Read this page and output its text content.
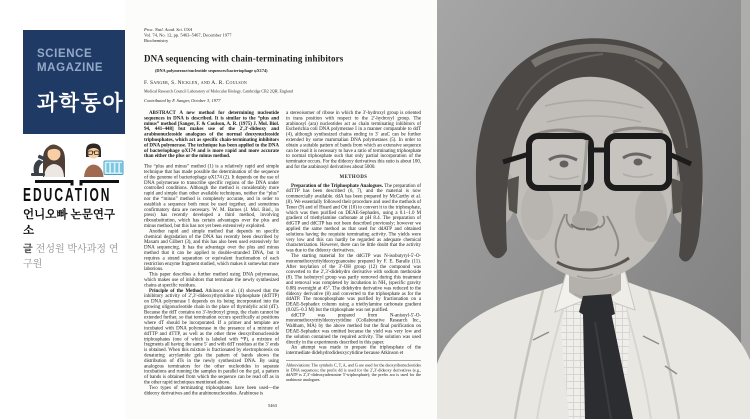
SCIENCE
MAGAZINE
과학동아
EDUCATION
언니오빠 논문연구소
글 전성원 박사과정 연구원
Proc. Natl. Acad. Sci. USA
Vol. 74, No. 12, pp. 5463–5467, December 1977
Biochemistry
DNA sequencing with chain-terminating inhibitors
(DNA polymerase/nucleotide sequences/bacteriophage φX174)
F. Sanger, S. Nicklen, and A. R. Coulson
Medical Research Council Laboratory of Molecular Biology, Cambridge CB2 2QH, England
Contributed by F. Sanger, October 3, 1977

ABSTRACT A new method for determining nucleotide sequences in DNA is described. It is similar to the “plus and minus” method [Sanger, F. & Coulson, A. R. (1975) J. Mol. Biol. 94, 441–448] but makes use of the 2′,3′-dideoxy and arabinonucleoside analogues of the normal deoxynucleoside triphosphates, which act as specific chain-terminating inhibitors of DNA polymerase. The technique has been applied to the DNA of bacteriophage φX174 and is more rapid and more accurate than either the plus or the minus method.

The “plus and minus” method (1) is a relatively rapid and simple technique that has made possible the determination of the sequence of the genome of bacteriophage φX174 (2). It depends on the use of DNA polymerase to transcribe specific regions of the DNA under controlled conditions. Although the method is considerably more rapid and simple than other available techniques, neither the “plus” nor the “minus” method is completely accurate, and in order to establish a sequence both must be used together, and sometimes confirmatory data are necessary. W. M. Barnes (J. Mol. Biol., in press) has recently developed a third method, involving ribosubstitution, which has certain advantages over the plus and minus method, but this has not yet been extensively exploited.

Another rapid and simple method that depends on specific chemical degradation of the DNA has recently been described by Maxam and Gilbert (3), and this has also been used extensively for DNA sequencing. It has the advantage over the plus and minus method that it can be applied to double-stranded DNA, but it requires a strand separation or equivalent fractionation of each restriction enzyme fragment studied, which makes it somewhat more laborious.

This paper describes a further method using DNA polymerase, which makes use of inhibitors that terminate the newly synthesized chains at specific residues.

Principle of the Method. Atkinson et al. (4) showed that the inhibitory activity of 2′,3′-dideoxythymidine triphosphate (ddTTP) on DNA polymerase I depends on its being incorporated into the growing oligonucleotide chain in the place of thymidylic acid (dT). Because the ddT contains no 3′-hydroxyl group, the chain cannot be extended further, so that termination occurs specifically at positions where dT should be incorporated. If a primer and template are incubated with DNA polymerase in the presence of a mixture of ddTTP and dTTP, as well as the other three deoxyribonucleoside triphosphates (one of which is labeled with ³²P), a mixture of fragments all having the same 5′ and with ddT residues at the 3′ ends is obtained. When this mixture is fractionated by electrophoresis on denaturing acrylamide gels the pattern of bands shows the distribution of dTs in the newly synthesized DNA. By using analogous terminators for the other nucleotides in separate incubations and running the samples in parallel on the gel, a pattern of bands is obtained from which the sequence can be read off as in the other rapid techniques mentioned above.

Two types of terminating triphosphates have been used—the dideoxy derivatives and the arabinonucleosides. Arabinose is

a stereoisomer of ribose in which the 3′-hydroxyl group is oriented in trans position with respect to the 2′-hydroxyl group. The arabinosyl (ara) nucleotides act as chain terminating inhibitors of Escherichia coli DNA polymerase I in a manner comparable to ddT (4), although synthesized chains ending in 3′ araC can be further extended by some mammalian DNA polymerases (5). In order to obtain a suitable pattern of bands from which an extensive sequence can be read it is necessary to have a ratio of terminating triphosphate to normal triphosphate such that only partial incorporation of the terminator occurs. For the dideoxy derivatives this ratio is about 100, and for the arabinosyl derivatives about 5000.

METHODS

Preparation of the Triphosphate Analogues. The preparation of ddTTP has been described (6, 7), and the material is now commercially available. ddA has been prepared by McCarthy et al. (8). We essentially followed their procedure and used the methods of Tener (9) and of Hoard and Ott (10) to convert it to the triphosphate, which was then purified on DEAE-Sephadex, using a 0.1–1.0 M gradient of triethylamine carbonate at pH 8.4. The preparation of ddGTP and ddCTP has not been described previously; however we applied the same method as that used for ddATP and obtained solutions having the requisite terminating activity. The yields were very low and this can hardly be regarded as adequate chemical characterization. However, there can be little doubt that the activity was due to the dideoxy derivatives.

The starting material for the ddGTP was N-isobutyryl-5′-O-monomethoxytrityldeoxyguanosine prepared by F. E. Baralle (11). After tosylation of the 3′-OH group (12) the compound was converted to the 2′,3′-didehydro derivative with sodium methoxide (8). The isobutyryl group was partly removed during this treatment and removal was completed by incubation in NH₃ (specific gravity 0.88) overnight at 45°. The didehydro derivative was reduced to the dideoxy derivative (8) and converted to the triphosphate as for the ddATP. The monophosphate was purified by fractionation on a DEAE-Sephadex column using a triethylamine carbonate gradient (0.025–0.3 M) but the triphosphate was not purified.

ddCTP was prepared from N-anisoyl-5′-O-monomethoxytrityldeoxycytidine (Collaborative Research Inc., Waltham, MA) by the above method but the final purification on DEAE-Sephadex was omitted because the yield was very low and the solution contained the required activity. The solution was used directly in the experiments described in this paper.

An attempt was made to prepare the triphosphate of the intermediate didehydrodideoxycytidine because Atkinson et

Abbreviations: The symbols C, T, A, and G are used for the deoxyribonucleotides in DNA sequences; the prefix dd is used for the 2′,3′-dideoxy derivatives (e.g., ddATP is 2′,3′-dideoxyadenosine 5′-triphosphate); the prefix ara is used for the arabinose analogues.
5463
